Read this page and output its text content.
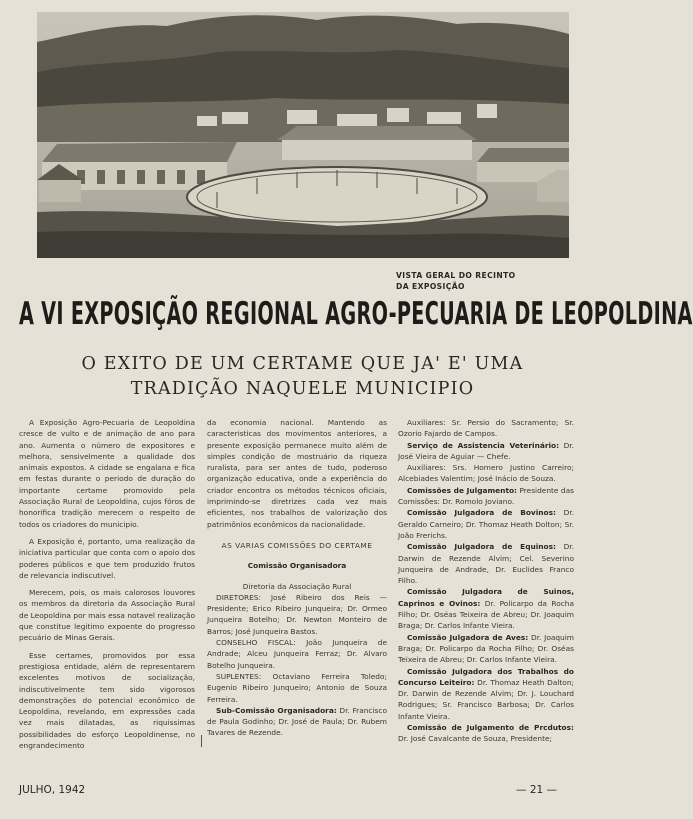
VISTA GERAL DO RECINTO
DA EXPOSIÇÃO
A VI EXPOSIÇÃO REGIONAL AGRO-PECUARIA DE LEOPOLDINA
O EXITO DE UM CERTAME QUE JA' E' UMA
TRADIÇÃO NAQUELE MUNICIPIO

A Exposição Agro-Pecuaria de Leopoldina cresce de vulto e de animação de ano para ano. Aumenta o número de expositores e melhora, sensivelmente a qualidade dos animais expostos. A cidade se engalana e fica em festas durante o periodo de duração do importante certame promovido pela Associação Rural de Leopoldina, cujos fóros de honorifica tradição merecem o respeito de todos os criadores do municipio.

A Exposição é, portanto, uma realização da iniciativa particular que conta com o apoio dos poderes públicos e que tem produzido frutos de relevancia indiscutivel.

Merecem, pois, os mais calorosos louvores os membros da diretoria da Associação Rural de Leopoldina por mais essa notavel realização que constitue legitimo expoente do progresso pecuário de Minas Gerais.

Esse certames, promovidos por essa prestigiosa entidade, além de representarem excelentes motivos de socialização, indiscutivelmente tem sido vigorosos demonstrações do potencial econômico de Leopoldina, revelando, em expressões cada vez mais dilatadas, as riquissimas possibilidades do esforço Leopoldinense, no engrandecimento

da economia nacional. Mantendo as caracteristicas dos movimentos anteriores, a presente exposição permanece muito além de simples condição de mostruário da riqueza ruralista, para ser antes de tudo, poderoso organização educativa, onde a experiência do criador encontra os métodos técnicos oficiais, imprimindo-se diretrizes cada vez mais eficientes, nos trabalhos de valorização dos patrimônios econômicos da nacionalidade.

AS VARIAS COMISSÕES DO CERTAME

Comissão Organisadora

Diretoria da Associação Rural

DIRETORES: José Ribeiro dos Reis — Presidente; Erico Ribeiro Junqueira; Dr. Ormeo Junqueira Botelho; Dr. Newton Monteiro de Barros; José Junqueira Bastos.

CONSELHO FISCAL: João Junqueira de Andrade; Alceu Junqueira Ferraz; Dr. Alvaro Botelho Junqueira.

SUPLENTES: Octaviano Ferreira Toledo; Eugenio Ribeiro Junqueiro; Antonio de Souza Ferreira.

Sub-Comissão Organisadora: Dr. Francisco de Paula Godinho; Dr. José de Paula; Dr. Rubem Tavares de Rezende.

Auxiliares: Sr. Persio do Sacramento; Sr. Ozorio Fajardo de Campos.

Serviço de Assistencia Veterinário: Dr. José Vieira de Aguiar — Chefe.

Auxiliares: Srs. Homero Justino Carreiro; Alcebiades Valentim; José Inácio de Souza.

Comissões de Julgamento: Presidente das Comissões: Dr. Romolo Joviano.

Comissão Julgadora de Bovinos: Dr. Geraldo Carneiro; Dr. Thomaz Heath Dolton; Sr. João Frerichs.

Comissão Julgadora de Equinos: Dr. Darwin de Rezende Alvim; Cel. Severino Junqueira de Andrade, Dr. Euclides Franco Filho.

Comissão Julgadora de Suinos, Caprinos e Ovinos: Dr. Policarpo da Rocha Filho; Dr. Oséas Teixeira de Abreu; Dr. Joaquim Braga; Dr. Carlos Infante Vieira.

Comissão Julgadora de Aves: Dr. Joaquim Braga; Dr. Policarpo da Rocha Filho; Dr. Oséas Teixeira de Abreu; Dr. Carlos Infante Vieira.

Comissão Julgadora dos Trabalhos do Concurso Leiteiro: Dr. Thomaz Heath Dalton; Dr. Darwin de Rezende Alvim; Dr. J. Louchard Rodrigues; Sr. Francisco Barbosa; Dr. Carlos Infante Vieira.

Comissão de Julgamento de Prcdutos: Dr. José Cavalcante de Souza, Presidente;

JULHO, 1942	— 21 —
